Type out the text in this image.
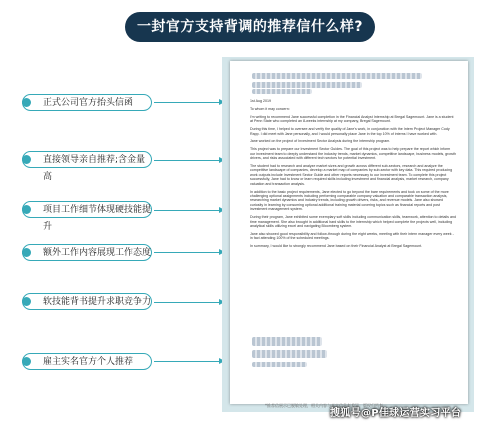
一封官方支持背调的推荐信什么样?
正式公司官方抬头信函
直接领导亲自推荐;含金量高
项目工作细节体现硬技能提升
额外工作内容展现工作态度
软技能背书提升求职竞争力
雇主实名官方个人推荐

1st Aug 2019

To whom it may concern:

I'm writing to recommend Jane successful completion in the Financial Analyst Internship at Bregal Sagemount. Jane is a student at Penn State who completed an 8-weeks internship at my company, Bregal Sagemount.

During this time, I helped to oversee and verify the quality of Jane's work, in conjunction with the Intern Project Manager Cody Rapp. I did meet with Jane personally, and I would personally place Jane in the top 10% of interns I have worked with.

Jane worked on the project of Investment Sector Analysis during the internship program.

This project was to prepare our Investment Sector Guides. The goal of this project was to help prepare the report which inform our investment team to deeply understand the industry trends, market dynamics, competitive landscape, business models, growth drivers, and risks associated with different tech sectors for potential investment.

The student had to research and analyze market sizes and growth across different sub-sectors, research and analyze the competitive landscape of companies, develop a market map of companies by sub-sector with key data. This required producing work outputs include Investment Sector Guide and other reports necessary to our investment team. To complete this project successfully, Jane had to know or learn required skills including investment and financial analysis, market research, company valuation and transaction analysis.

In addition to the basic project requirements, Jane elected to go beyond the bare requirements and took on some of the more challenging optional assignments including performing comparable company valuation and comparable transaction analysis, researching market dynamics and industry trends, including growth drivers, risks, and revenue models. Jane also showed curiosity in learning by consuming optional additional training material covering topics such as financial reports and post investment management system.

During their program, Jane exhibited some exemplary soft skills including communication skills, teamwork, attention to details and time management. She also brought in additional hard skills to the internship which helped complete the projects well, including analytical skills utilizing excel and navigating Bloomberg system.

Jane also showed good responsibility and follow-through during the eight weeks, meeting with their intern manager every week - in fact attending 100% of the scheduled meetings.

In summary, I would like to strongly recommend Jane based on their Financial Analyst at Bregal Sagemount.

*推荐信展示已脱敏处理，相关内容与真实信息有差异，版权归所有
搜狐号@P佳球运营实习平台
